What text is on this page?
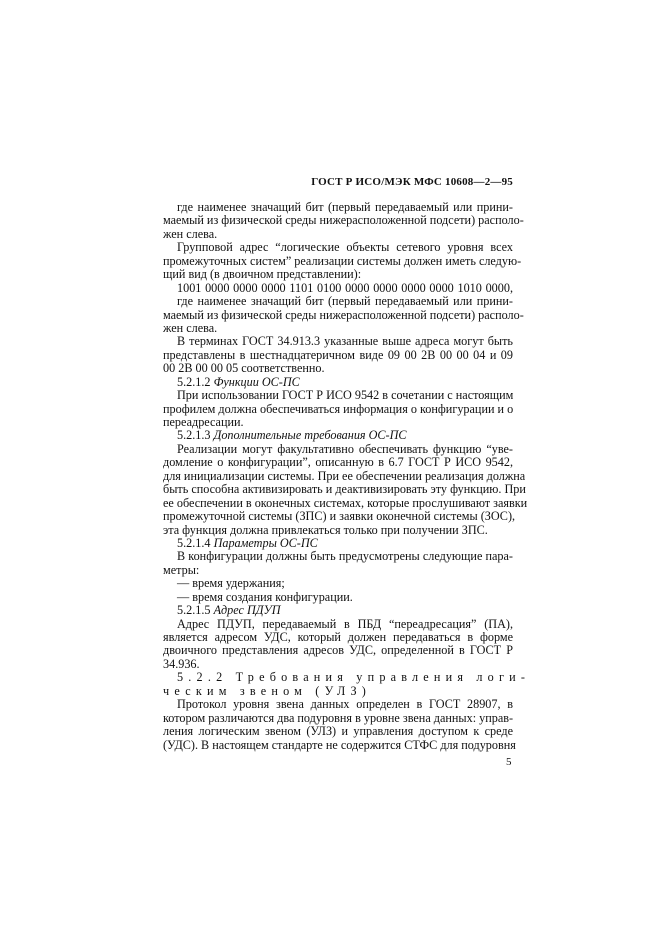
ГОСТ Р ИСО/МЭК МФС 10608—2—95
где наименее значащий бит (первый передаваемый или прини-
маемый из физической среды нижерасположенной подсети) располо-
жен слева.
Групповой адрес “логические объекты сетевого уровня всех
промежуточных систем” реализации системы должен иметь следую-
щий вид (в двоичном представлении):
1001 0000 0000 0000 1101 0100 0000 0000 0000 0000 1010 0000,
где наименее значащий бит (первый передаваемый или прини-
маемый из физической среды нижерасположенной подсети) располо-
жен слева.
В терминах ГОСТ 34.913.3 указанные выше адреса могут быть
представлены в шестнадцатеричном виде 09 00 2В 00 00 04 и 09
00 2В 00 00 05 соответственно.
5.2.1.2 Функции ОС-ПС
При использовании ГОСТ Р ИСО 9542 в сочетании с настоящим
профилем должна обеспечиваться информация о конфигурации и о
переадресации.
5.2.1.3 Дополнительные требования ОС-ПС
Реализации могут факультативно обеспечивать функцию “уве-
домление о конфигурации”, описанную в 6.7 ГОСТ Р ИСО 9542,
для инициализации системы. При ее обеспечении реализация должна
быть способна активизировать и деактивизировать эту функцию. При
ее обеспечении в оконечных системах, которые прослушивают заявки
промежуточной системы (ЗПС) и заявки оконечной системы (ЗОС),
эта функция должна привлекаться только при получении ЗПС.
5.2.1.4 Параметры ОС-ПС
В конфигурации должны быть предусмотрены следующие пара-
метры:
— время удержания;
— время создания конфигурации.
5.2.1.5 Адрес ПДУП
Адрес ПДУП, передаваемый в ПБД “переадресация” (ПА),
является адресом УДС, который должен передаваться в форме
двоичного представления адресов УДС, определенной в ГОСТ Р
34.936.
5.2.2 Требования управления логи-
ческим звеном (УЛЗ)
Протокол уровня звена данных определен в ГОСТ 28907, в
котором различаются два подуровня в уровне звена данных: управ-
ления логическим звеном (УЛЗ) и управления доступом к среде
(УДС). В настоящем стандарте не содержится СТФС для подуровня
5
